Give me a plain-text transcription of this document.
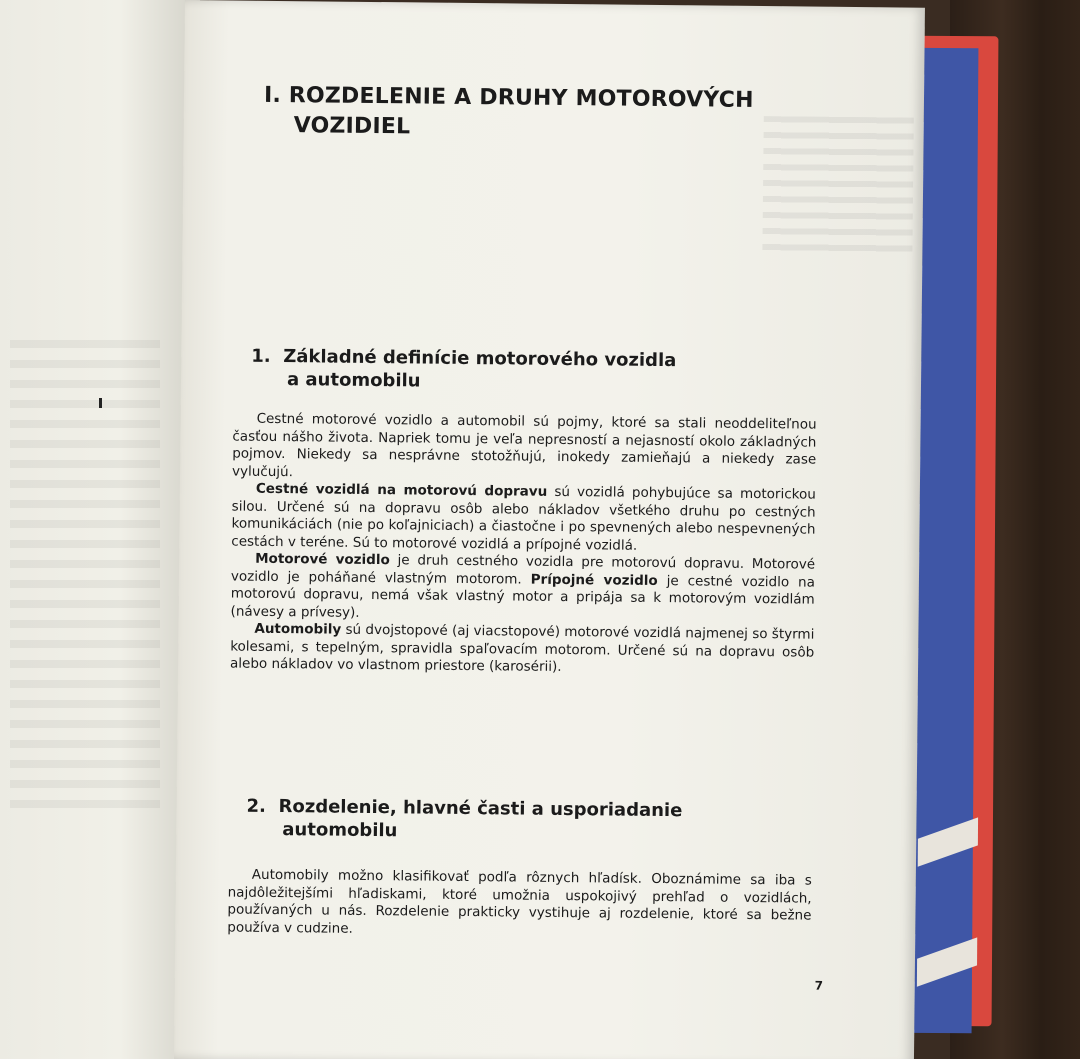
I. ROZDELENIE A DRUHY MOTOROVÝCH
VOZIDIEL
1. Základné definície motorového vozidla
a automobilu

Cestné motorové vozidlo a automobil sú pojmy, ktoré sa stali neoddeliteľnou časťou nášho života. Napriek tomu je veľa nepresností a nejasností okolo základných pojmov. Niekedy sa nesprávne stotožňujú, inokedy zamieňajú a niekedy zase vylučujú.

Cestné vozidlá na motorovú dopravu sú vozidlá pohybujúce sa motorickou silou. Určené sú na dopravu osôb alebo nákladov všetkého druhu po cestných komunikáciách (nie po koľajniciach) a čiastočne i po spevnených alebo nespevnených cestách v teréne. Sú to motorové vozidlá a prípojné vozidlá.

Motorové vozidlo je druh cestného vozidla pre motorovú dopravu. Motorové vozidlo je poháňané vlastným motorom. Prípojné vozidlo je cestné vozidlo na motorovú dopravu, nemá však vlastný motor a pripája sa k motorovým vozidlám (návesy a prívesy).

Automobily sú dvojstopové (aj viacstopové) motorové vozidlá najmenej so štyrmi kolesami, s tepelným, spravidla spaľovacím motorom. Určené sú na dopravu osôb alebo nákladov vo vlastnom priestore (karosérii).

2. Rozdelenie, hlavné časti a usporiadanie
automobilu

Automobily možno klasifikovať podľa rôznych hľadísk. Oboznámime sa iba s najdôležitejšími hľadiskami, ktoré umožnia uspokojivý prehľad o vozidlách, používaných u nás. Rozdelenie prakticky vystihuje aj rozdelenie, ktoré sa bežne používa v cudzine.

7
